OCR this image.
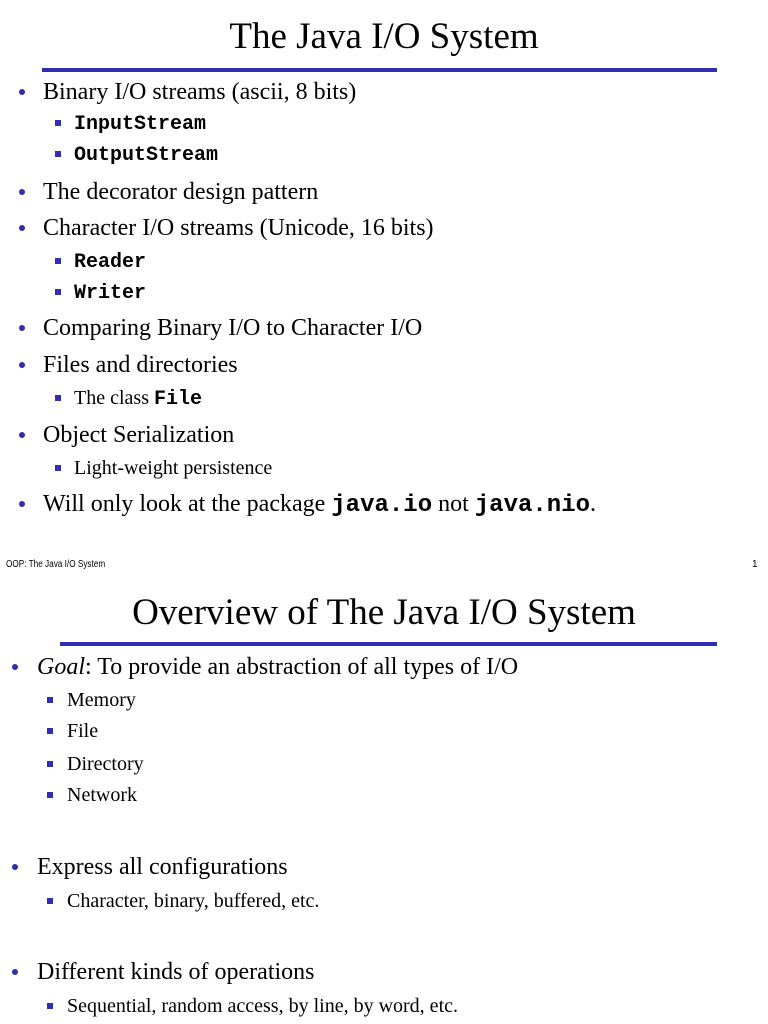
The Java I/O System
Binary I/O streams (ascii, 8 bits)
InputStream
OutputStream
The decorator design pattern
Character I/O streams (Unicode, 16 bits)
Reader
Writer
Comparing Binary I/O to Character I/O
Files and directories
The class File
Object Serialization
Light-weight persistence
Will only look at the package java.io not java.nio.
OOP: The Java I/O System	1
Overview of The Java I/O System
Goal: To provide an abstraction of all types of I/O
Memory
File
Directory
Network
Express all configurations
Character, binary, buffered, etc.
Different kinds of operations
Sequential, random access, by line, by word, etc.
